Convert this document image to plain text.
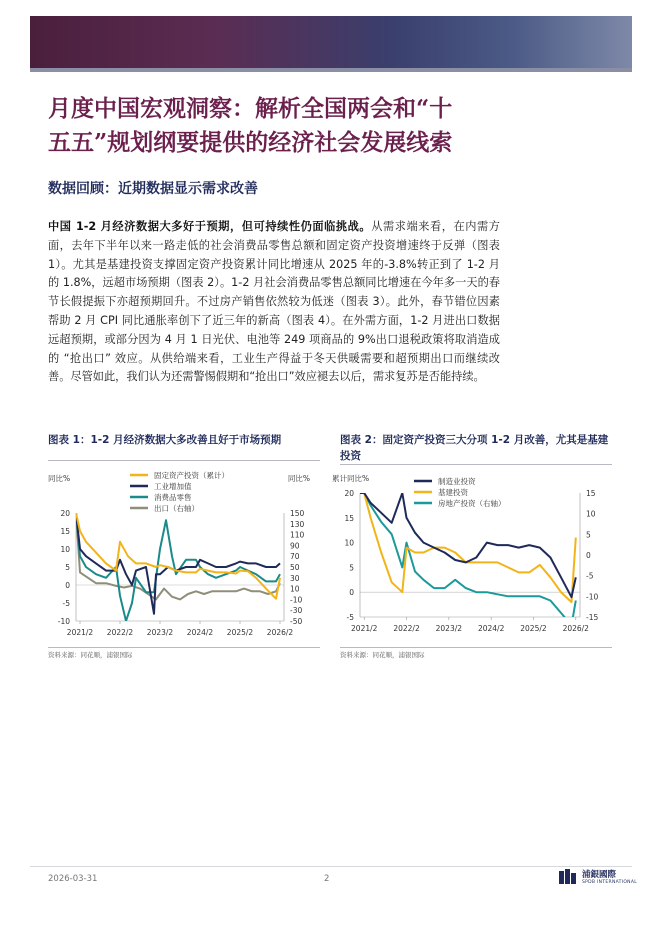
月度中国宏观洞察：解析全国两会和“十
五五”规划纲要提供的经济社会发展线索
数据回顾：近期数据显示需求改善
中国 1-2 月经济数据大多好于预期，但可持续性仍面临挑战。从需求端来看，在内需方面，去年下半年以来一路走低的社会消费品零售总额和固定资产投资增速终于反弹（图表 1）。尤其是基建投资支撑固定资产投资累计同比增速从 2025 年的-3.8%转正到了 1-2 月的 1.8%，远超市场预期（图表 2）。1-2 月社会消费品零售总额同比增速在今年多一天的春节长假提振下亦超预期回升。不过房产销售依然较为低迷（图表 3）。此外，春节错位因素帮助 2 月 CPI 同比通胀率创下了近三年的新高（图表 4）。在外需方面，1-2 月进出口数据远超预期，或部分因为 4 月 1 日光伏、电池等 249 项商品的 9%出口退税政策将取消造成的 “抢出口” 效应。从供给端来看，工业生产得益于冬天供暖需要和超预期出口而继续改善。尽管如此，我们认为还需警惕假期和“抢出口”效应褪去以后，需求复苏是否能持续。
图表 1：1-2 月经济数据大多改善且好于市场预期
同比%	同比%
20
15
10
5
0
-5
-10
150
130
110
90
70
50
30
10
-10
-30
-50
2021/2 2022/2 2023/2 2024/2 2025/2 2026/2
固定资产投资（累计）
工业增加值
消费品零售
出口（右轴）
资料来源：同花顺，浦银国际
图表 2：固定资产投资三大分项 1-2 月改善，尤其是基建投资
累计同比%
20
15
10
5
0
-5
15
10
5
0
-5
-10
-15
2021/2 2022/2 2023/2 2024/2 2025/2 2026/2
制造业投资
基建投资
房地产投资（右轴）
资料来源：同花顺，浦银国际
2026-03-31	2	浦銀國際
SPDB INTERNATIONAL
